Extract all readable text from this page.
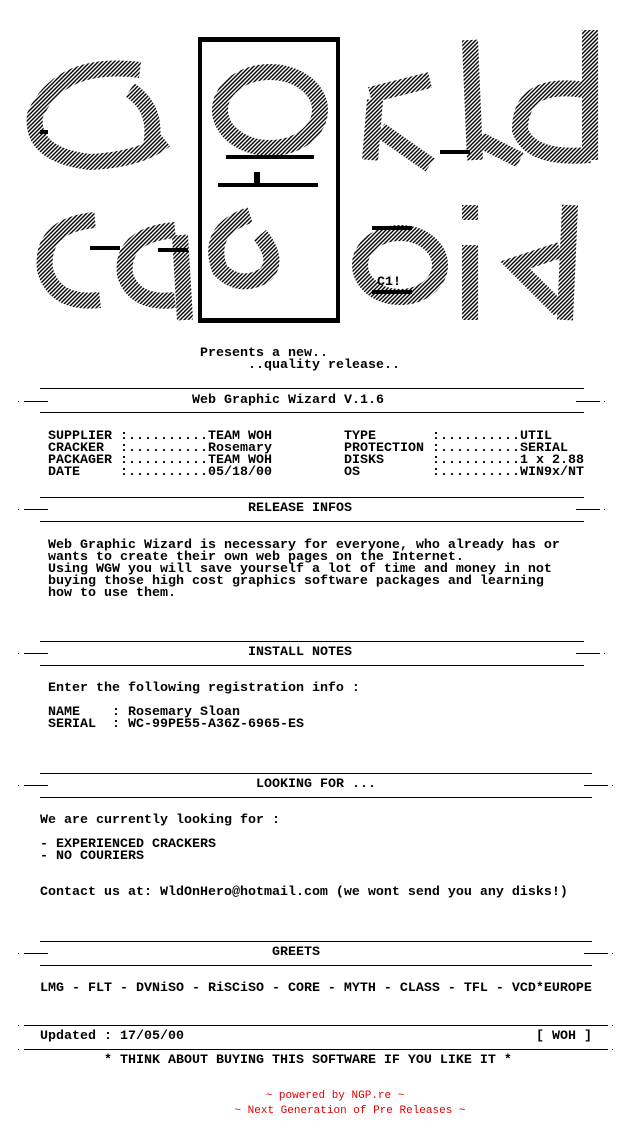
C1!
Presents a new..
..quality release..
Web Graphic Wizard V.1.6
SUPPLIER :..........TEAM WOH
CRACKER  :..........Rosemary
PACKAGER :..........TEAM WOH
DATE     :..........05/18/00
TYPE       :..........UTIL
PROTECTION :..........SERIAL
DISKS      :..........1 x 2.88
OS         :..........WIN9x/NT
RELEASE INFOS
Web Graphic Wizard is necessary for everyone, who already has or
wants to create their own web pages on the Internet.
Using WGW you will save yourself a lot of time and money in not
buying those high cost graphics software packages and learning
how to use them.
INSTALL NOTES
Enter the following registration info :
NAME    : Rosemary Sloan
SERIAL  : WC-99PE55-A36Z-6965-ES
LOOKING FOR ...
We are currently looking for :
- EXPERIENCED CRACKERS
- NO COURIERS
Contact us at: WldOnHero@hotmail.com (we wont send you any disks!)
GREETS
LMG - FLT - DVNiSO - RiSCiSO - CORE - MYTH - CLASS - TFL - VCD*EUROPE
Updated : 17/05/00	[ WOH ]
* THINK ABOUT BUYING THIS SOFTWARE IF YOU LIKE IT *
~ powered by NGP.re ~
~ Next Generation of Pre Releases ~
